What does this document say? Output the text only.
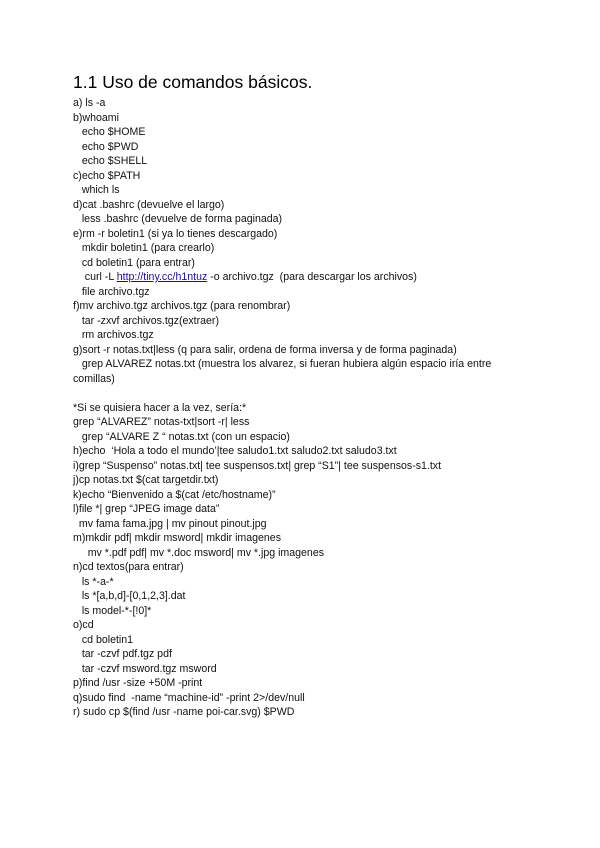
1.1 Uso de comandos básicos.
a) ls -a
b)whoami
echo $HOME
echo $PWD
echo $SHELL
c)echo $PATH
which ls
d)cat .bashrc (devuelve el largo)
less .bashrc (devuelve de forma paginada)
e)rm -r boletin1 (si ya lo tienes descargado)
mkdir boletin1 (para crearlo)
cd boletin1 (para entrar)
curl -L http://tiny.cc/h1ntuz -o archivo.tgz  (para descargar los archivos)
file archivo.tgz
f)mv archivo.tgz archivos.tgz (para renombrar)
tar -zxvf archivos.tgz(extraer)
rm archivos.tgz
g)sort -r notas.txt|less (q para salir, ordena de forma inversa y de forma paginada)
grep ALVAREZ notas.txt (muestra los alvarez, si fueran hubiera algún espacio iría entre
comillas)
*Si se quisiera hacer a la vez, sería:*
grep “ALVAREZ” notas-txt|sort -r| less
grep “ALVARE Z “ notas.txt (con un espacio)
h)echo  ‘Hola a todo el mundo’|tee saludo1.txt saludo2.txt saludo3.txt
i)grep “Suspenso” notas.txt| tee suspensos.txt| grep “S1”| tee suspensos-s1.txt
j)cp notas.txt $(cat targetdir.txt)
k)echo “Bienvenido a $(cat /etc/hostname)”
l)file *| grep “JPEG image data”
mv fama fama.jpg | mv pinout pinout.jpg
m)mkdir pdf| mkdir msword| mkdir imagenes
mv *.pdf pdf| mv *.doc msword| mv *.jpg imagenes
n)cd textos(para entrar)
ls *-a-*
ls *[a,b,d]-[0,1,2,3].dat
ls model-*-[!0]*
o)cd
cd boletin1
tar -czvf pdf.tgz pdf
tar -czvf msword.tgz msword
p)find /usr -size +50M -print
q)sudo find  -name “machine-id” -print 2>/dev/null
r) sudo cp $(find /usr -name poi-car.svg) $PWD
